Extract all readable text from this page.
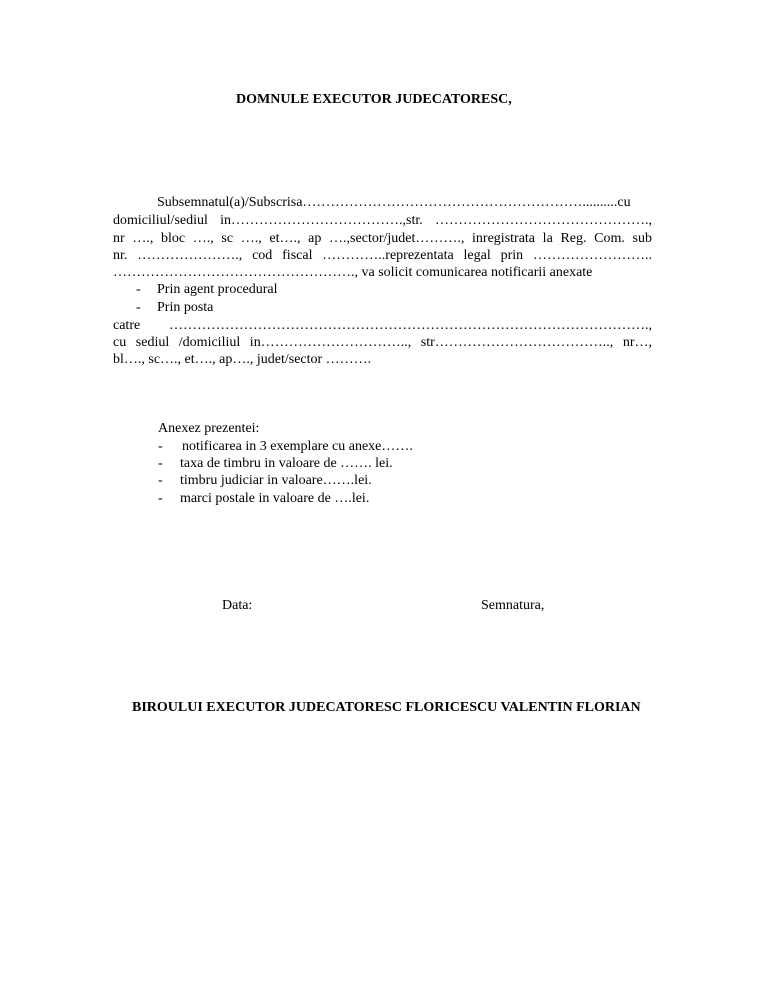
DOMNULE EXECUTOR JUDECATORESC,
Subsemnatul(a)/Subscrisa……………………………………………………..........cu
domiciliul/sediul in……………………………….,str. ……………………………………….,
nr …., bloc …., sc …., et…., ap ….,sector/judet………., inregistrata la Reg. Com. sub
nr. …………………., cod fiscal …………..reprezentata legal prin ……………………..
……………………………………………., va solicit comunicarea notificarii anexate
- Prin agent procedural
- Prin posta
catre ………………………………………………………………………………………….,
cu sediul /domiciliul in………………………….., str……………………………….., nr…,
bl…., sc…., et…., ap…., judet/sector ……….
Anexez prezentei:
- notificarea in 3 exemplare cu anexe…….
- taxa de timbru in valoare de ……. lei.
- timbru judiciar in valoare…….lei.
- marci postale in valoare de ….lei.
Data:	Semnatura,
BIROULUI EXECUTOR JUDECATORESC FLORICESCU VALENTIN FLORIAN
